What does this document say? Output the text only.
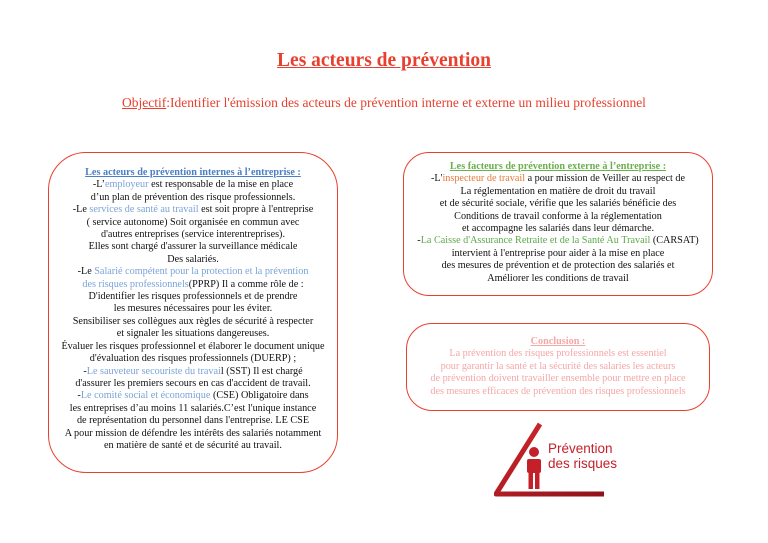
Les acteurs de prévention
Objectif:Identifier l'émission des acteurs de prévention interne et externe un milieu professionnel

Les acteurs de prévention internes à l’entreprise :

-L’employeur est responsable de la mise en place

d’un plan de prévention des risque professionnels.

-Le services de santé au travail est soit propre à l'entreprise

( service autonome) Soit organisée en commun avec

d'autres entreprises (service interentreprises).

Elles sont chargé d'assurer la surveillance médicale

Des salariés.

-Le Salarié compétent pour la protection et la prévention

des risques professionnels(PPRP) Il a comme rôle de :

D'identifier les risques professionnels et de prendre

les mesures nécessaires pour les éviter.

Sensibiliser ses collègues aux règles de sécurité à respecter

et signaler les situations dangereuses.

Évaluer les risques professionnel et élaborer le document unique

d'évaluation des risques professionnels (DUERP) ;

-Le sauveteur secouriste du travail (SST) Il est chargé

d'assurer les premiers secours en cas d'accident de travail.

-Le comité social et économique (CSE) Obligatoire dans

les entreprises d’au moins 11 salariés.C’est l'unique instance

de représentation du personnel dans l'entreprise. LE CSE

A pour mission de défendre les intérêts des salariés notamment

en matière de santé et de sécurité au travail.

Les facteurs de prévention externe à l’entreprise :

-L'inspecteur de travail a pour mission de Veiller au respect de

La réglementation en matière de droit du travail

et de sécurité sociale, vérifie que les salariés bénéficie des

Conditions de travail conforme à la réglementation

et accompagne les salariés dans leur démarche.

-La Caisse d'Assurance Retraite et de la Santé Au Travail (CARSAT)

intervient à l'entreprise pour aider à la mise en place

des mesures de prévention et de protection des salariés et

Améliorer les conditions de travail

Conclusion :

La prévention des risques professionnels est essentiel

pour garantir la santé et la sécurité des salaries les acteurs

de prévention doivent travailler ensemble pour mettre en place

des mesures efficaces de prévention des risques professionnels

Prévention
des risques
